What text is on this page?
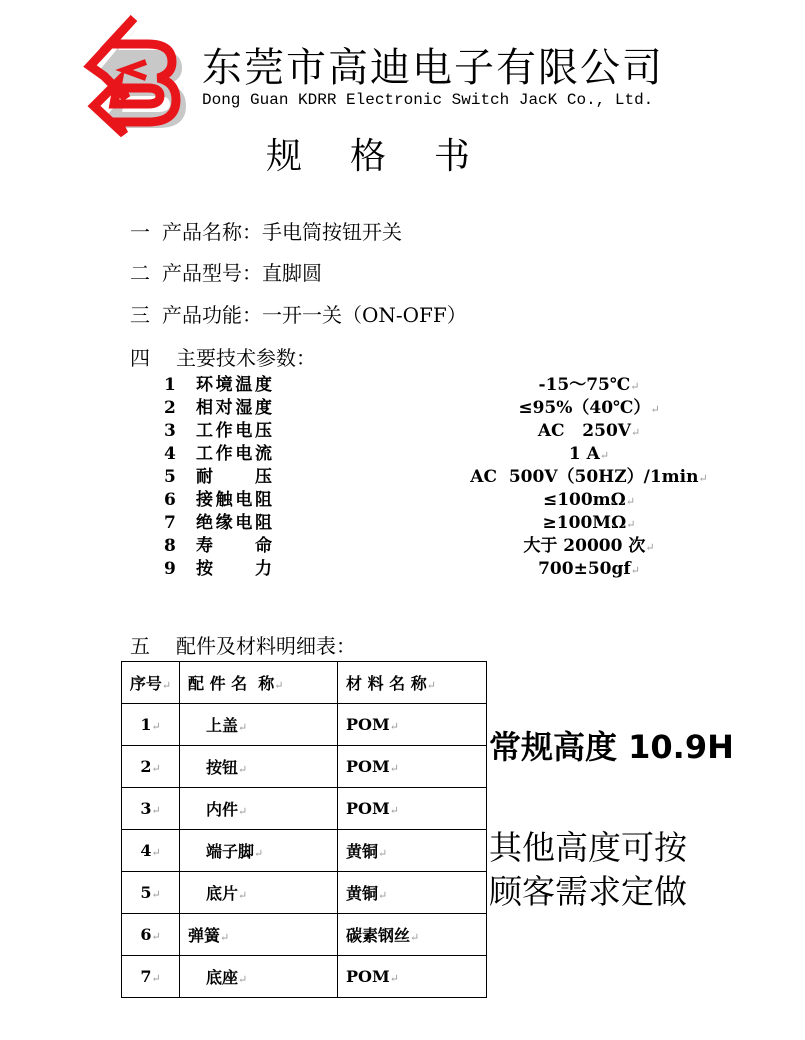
东莞市高迪电子有限公司
Dong Guan KDRR Electronic Switch JacK Co., Ltd.
规 格 书
一 产品名称：手电筒按钮开关
二 产品型号：直脚圆
三 产品功能：一开一关（ON-OFF）
四 主要技术参数：
1 环境温度	-15～75℃↵
2 相对湿度	≤95%（40℃）↵
3 工作电压	AC   250V↵
4 工作电流	1 A↵
5 耐压	AC  500V（50HZ）/1min↵
6 接触电阻	≤100mΩ↵
7 绝缘电阻	≥100MΩ↵
8 寿命	大于 20000 次↵
9 按力	700±50gf↵
五 配件及材料明细表：
序号↵	配 件 名  称↵	材 料 名 称↵
1↵	上盖↵	POM↵
2↵	按钮↵	POM↵
3↵	内件↵	POM↵
4↵	端子脚↵	黄铜↵
5↵	底片↵	黄铜↵
6↵	弹簧↵	碳素钢丝↵
7↵	底座↵	POM↵
常规高度 10.9H
其他高度可按
顾客需求定做
